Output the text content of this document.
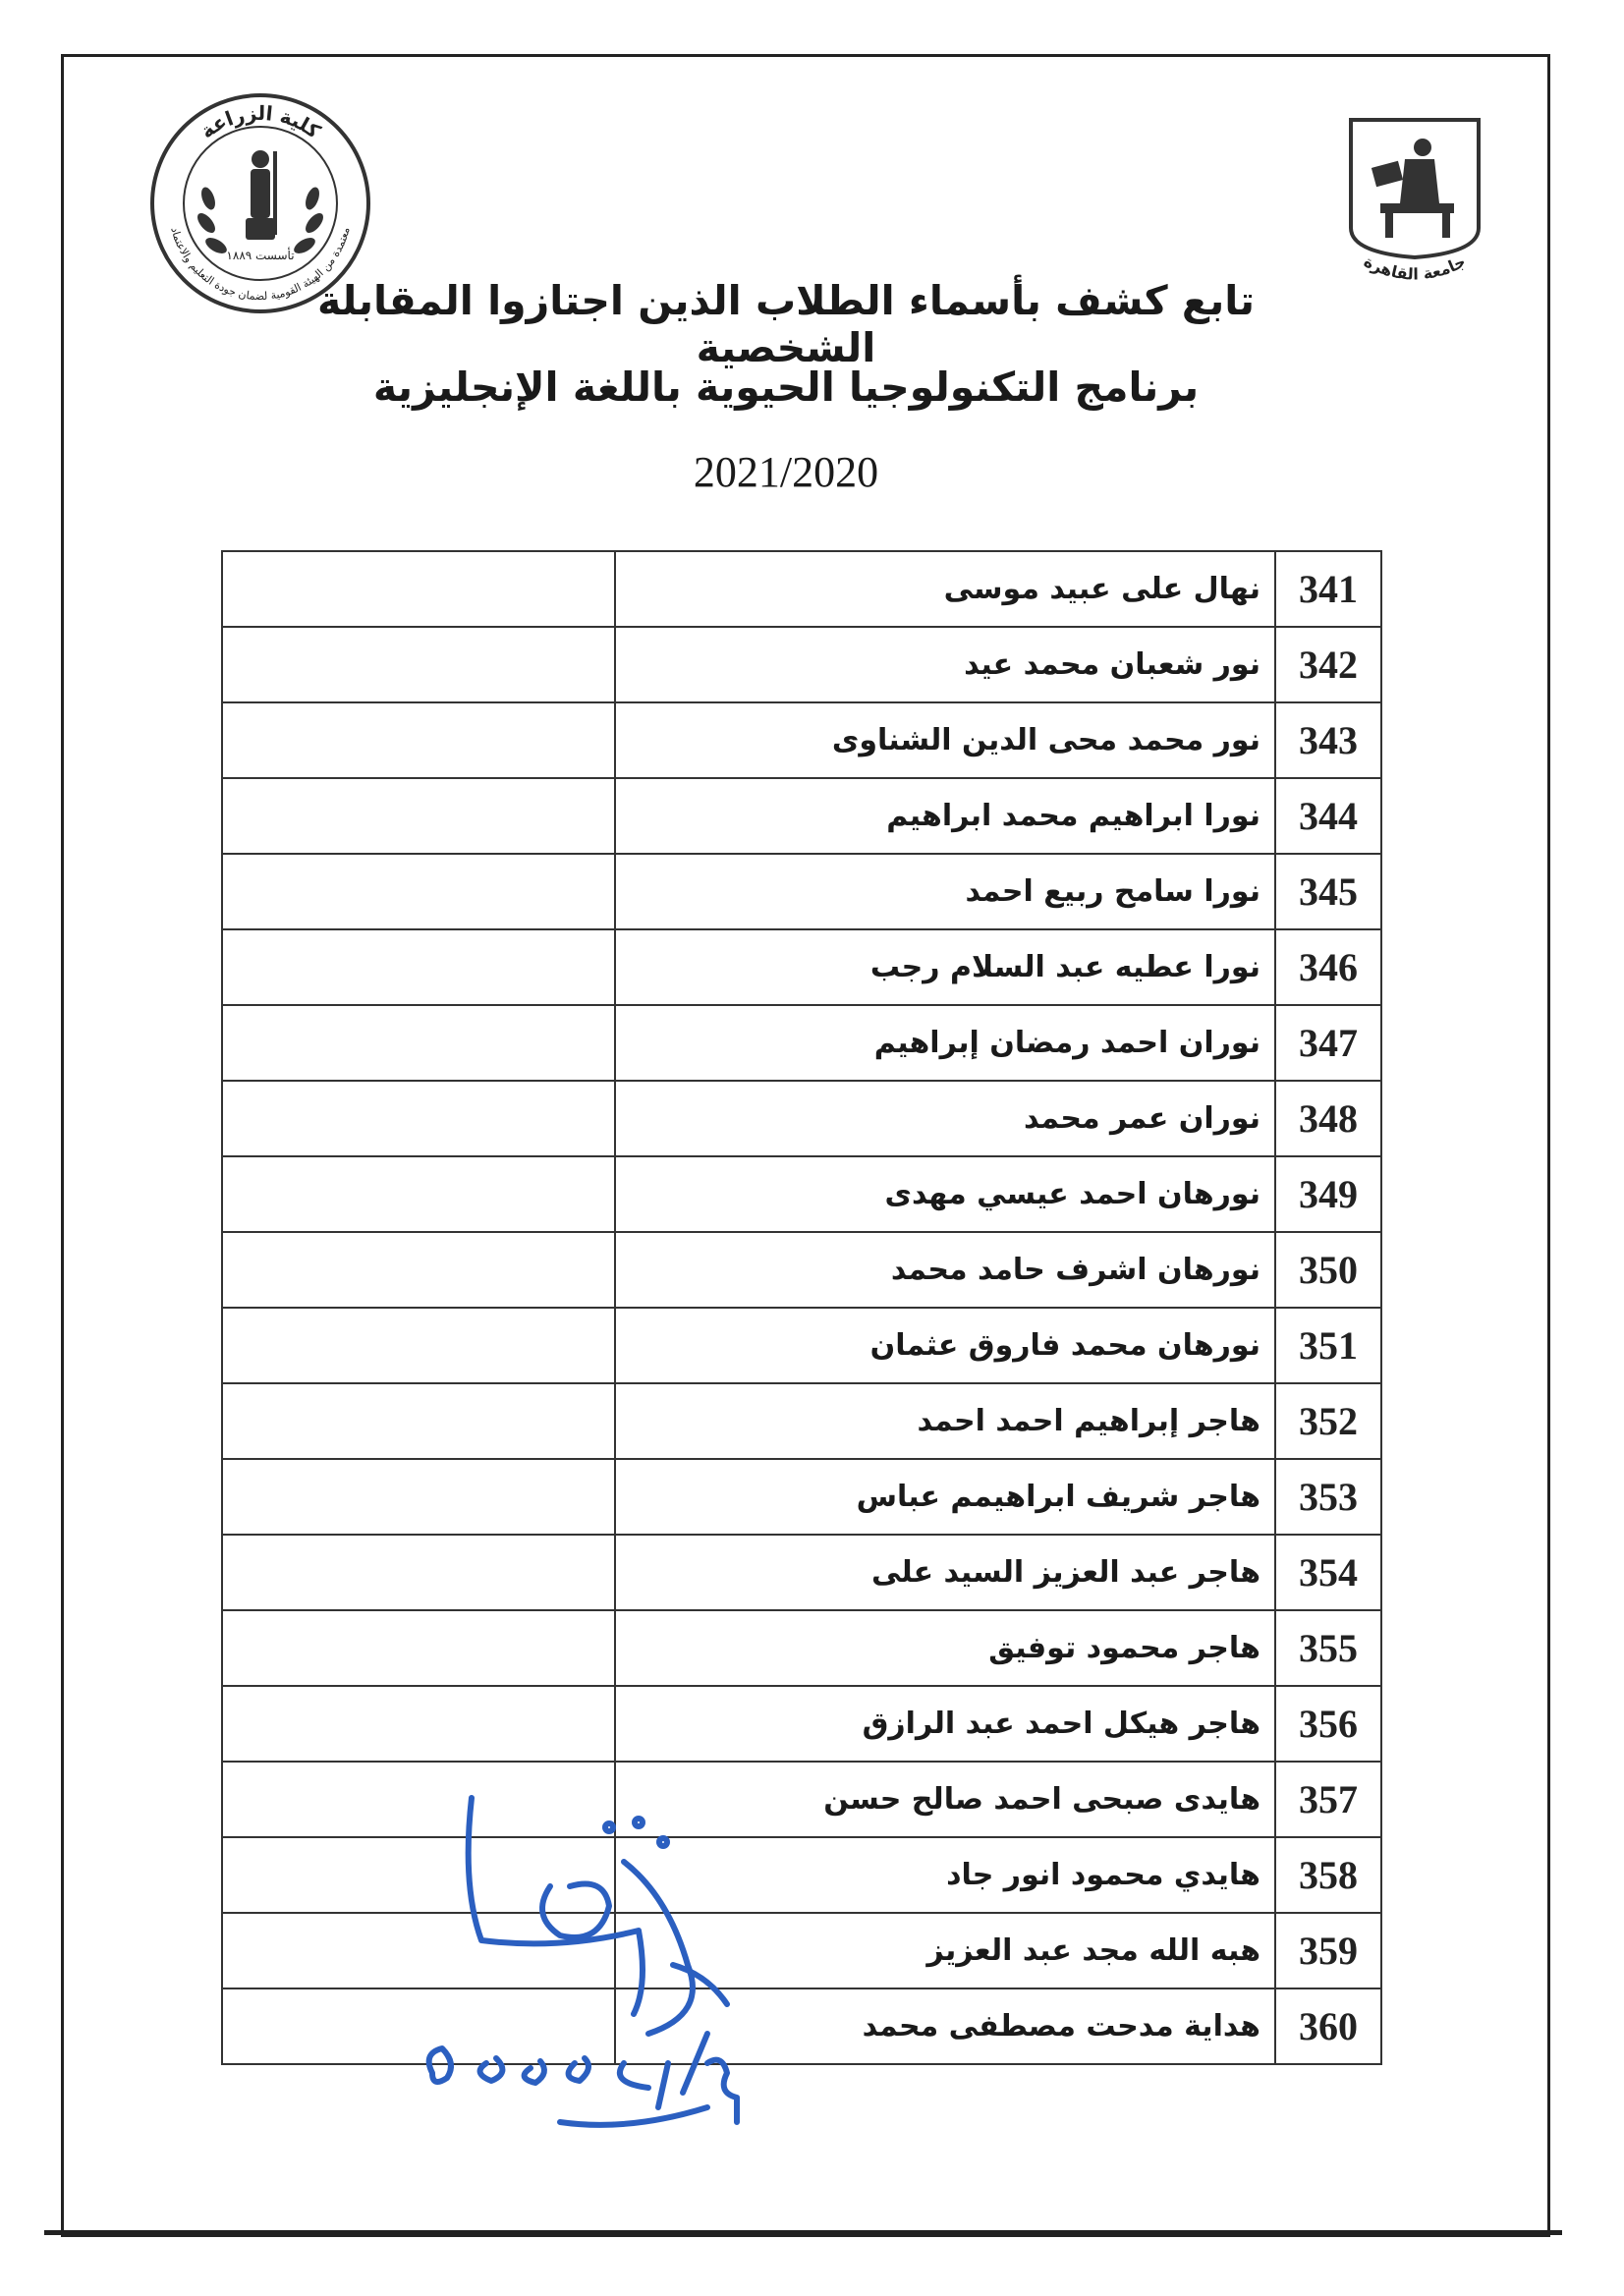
كلية الزراعة
معتمدة من الهيئة القومية لضمان جودة التعليم والاعتماد
تأسست ١٨٨٩	جامعة القاهرة
تابع كشف بأسماء الطلاب الذين اجتازوا المقابلة الشخصية
برنامج التكنولوجيا الحيوية باللغة الإنجليزية
2021/2020
	نهال على عبيد موسى	341
	نور شعبان محمد عيد	342
	نور محمد محى الدين الشناوى	343
	نورا ابراهيم محمد ابراهيم	344
	نورا سامح ربيع احمد	345
	نورا عطيه عبد السلام رجب	346
	نوران احمد رمضان إبراهيم	347
	نوران عمر محمد	348
	نورهان احمد عيسي مهدى	349
	نورهان اشرف حامد محمد	350
	نورهان محمد فاروق عثمان	351
	هاجر إبراهيم احمد احمد	352
	هاجر شريف ابراهيمم عباس	353
	هاجر عبد العزيز السيد على	354
	هاجر محمود توفيق	355
	هاجر هيكل احمد عبد الرازق	356
	هايدى صبحى احمد صالح حسن	357
	هايدي محمود انور جاد	358
	هبه الله مجد عبد العزيز	359
	هداية مدحت مصطفى محمد	360
